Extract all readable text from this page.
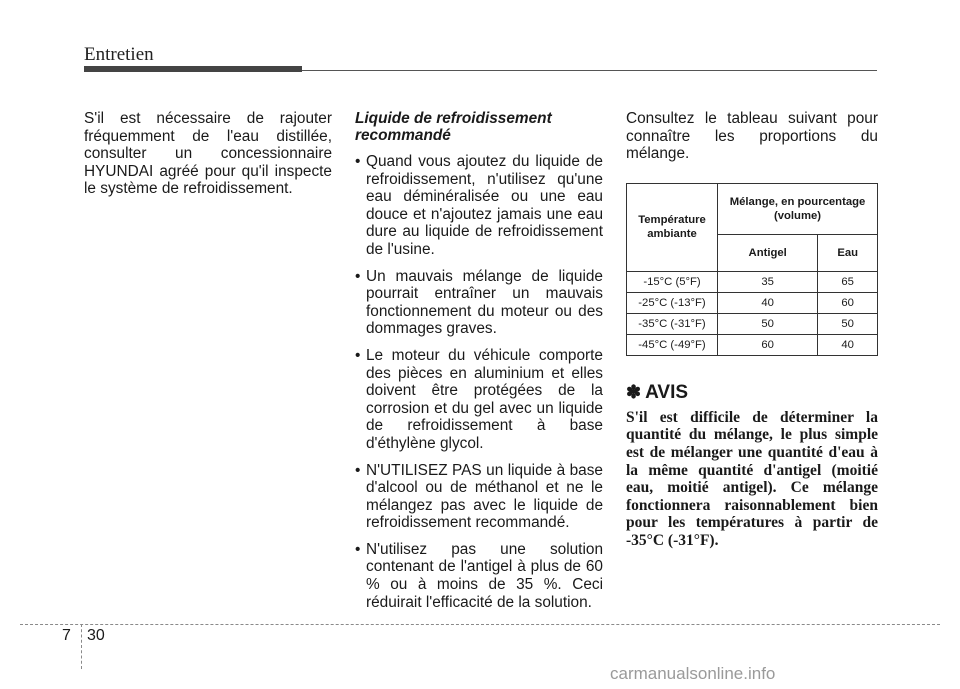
Entretien

S'il est nécessaire de rajouter fréquemment de l'eau distillée, consulter un concessionnaire HYUNDAI agréé pour qu'il inspecte le système de refroidissement.

Liquide de refroidissement recommandé

• Quand vous ajoutez du liquide de refroidissement, n'utilisez qu'une eau déminéralisée ou une eau douce et n'ajoutez jamais une eau dure au liquide de refroidissement de l'usine.
• Un mauvais mélange de liquide pourrait entraîner un mauvais fonctionnement du moteur ou des dommages graves.
• Le moteur du véhicule comporte des pièces en aluminium et elles doivent être protégées de la corrosion et du gel avec un liquide de refroidissement à base d'éthylène glycol.
• N'UTILISEZ PAS un liquide à base d'alcool ou de méthanol et ne le mélangez pas avec le liquide de refroidissement recommandé.
• N'utilisez pas une solution contenant de l'antigel à plus de 60 % ou à moins de 35 %. Ceci réduirait l'efficacité de la solution.

Consultez le tableau suivant pour connaître les proportions du mélange.

Température ambiante	Mélange, en pourcentage (volume)	
	Antigel	Eau
-15°C (5°F)	35	65
-25°C (-13°F)	40	60
-35°C (-31°F)	50	50
-45°C (-49°F)	60	40
✽ AVIS

S'il est difficile de déterminer la quantité du mélange, le plus simple est de mélanger une quantité d'eau à la même quantité d'antigel (moitié eau, moitié antigel). Ce mélange fonctionnera raisonnablement bien pour les températures à partir de -35°C (-31°F).

7 30
carmanualsonline.info
